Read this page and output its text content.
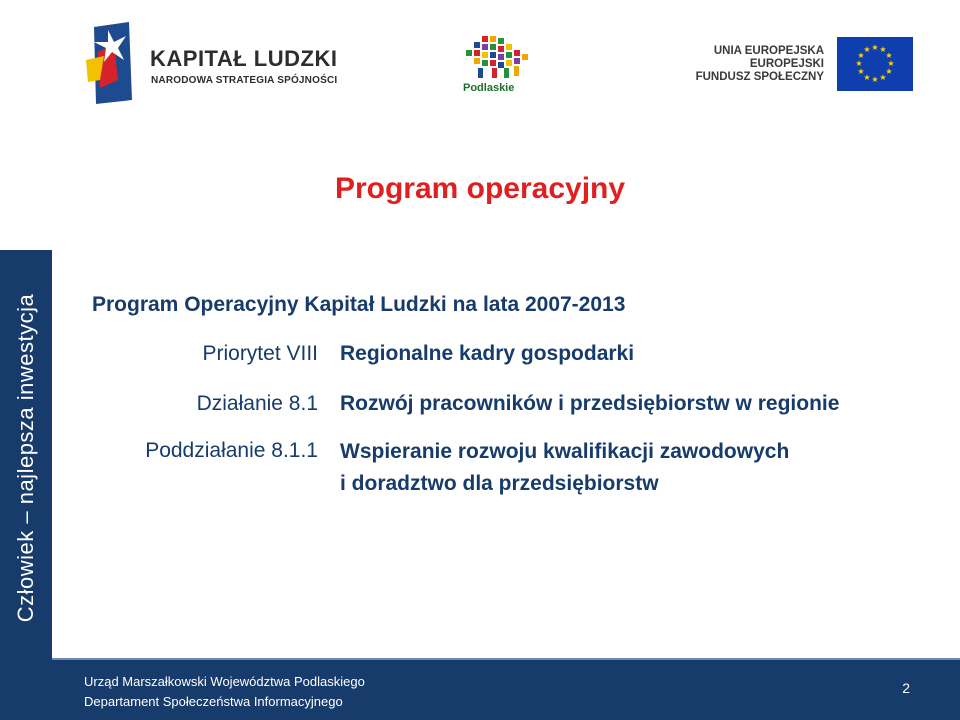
KAPITAŁ LUDZKI
NARODOWA STRATEGIA SPÓJNOŚCI
Podlaskie
UNIA EUROPEJSKA
EUROPEJSKI
FUNDUSZ SPOŁECZNY
★ ★
★
★
★
★
★
★
★
★
★
★
Program operacyjny
Człowiek – najlepsza inwestycja	Program Operacyjny Kapitał Ludzki na lata 2007-2013
Priorytet VIII Regionalne kadry gospodarki
Działanie 8.1 Rozwój pracowników i przedsiębiorstw w regionie
Poddziałanie 8.1.1 Wspieranie rozwoju kwalifikacji zawodowych
i doradztwo dla przedsiębiorstw
Urząd Marszałkowski Województwa Podlaskiego
Departament Społeczeństwa Informacyjnego
2
